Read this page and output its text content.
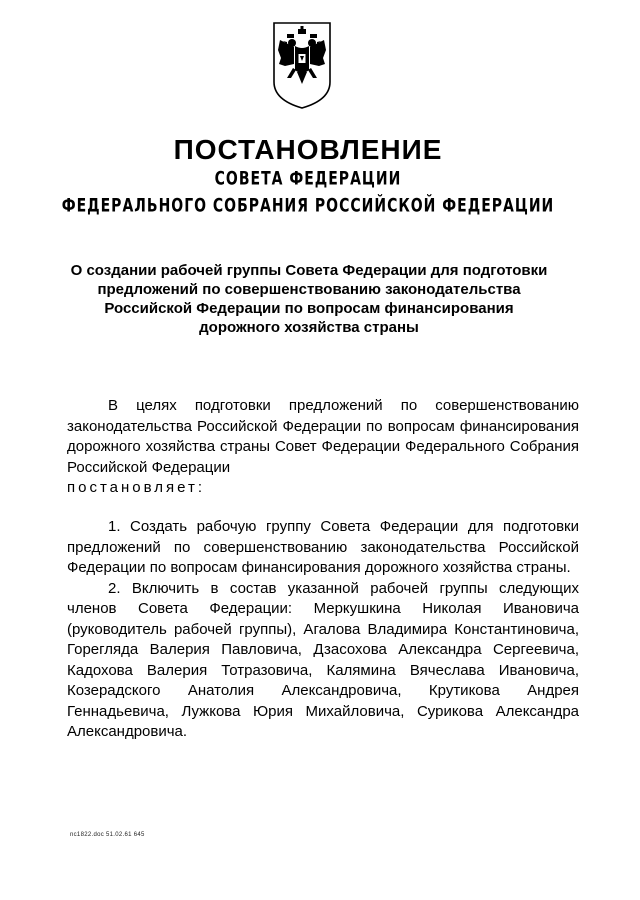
ПОСТАНОВЛЕНИЕ
СОВЕТА ФЕДЕРАЦИИ
ФЕДЕРАЛЬНОГО СОБРАНИЯ РОССИЙСКОЙ ФЕДЕРАЦИИ
О создании рабочей группы Совета Федерации для подготовки
предложений по совершенствованию законодательства
Российской Федерации по вопросам финансирования
дорожного хозяйства страны
В целях подготовки предложений по совершенствованию законодательства Российской Федерации по вопросам финансирования дорожного хозяйства страны Совет Федерации Федерального Собрания Российской Федерации
постановляет:
1. Создать рабочую группу Совета Федерации для подготовки предложений по совершенствованию законодательства Российской Федерации по вопросам финансирования дорожного хозяйства страны.
2. Включить в состав указанной рабочей группы следующих членов Совета Федерации: Меркушкина Николая Ивановича (руководитель рабочей группы), Агалова Владимира Константиновича, Горегляда Валерия Павловича, Дзасохова Александра Сергеевича, Кадохова Валерия Тотразовича, Калямина Вячеслава Ивановича, Козерадского Анатолия Александровича, Крутикова Андрея Геннадьевича, Лужкова Юрия Михайловича, Сурикова Александра Александровича.
nc1822.doc 51.02.61 645
